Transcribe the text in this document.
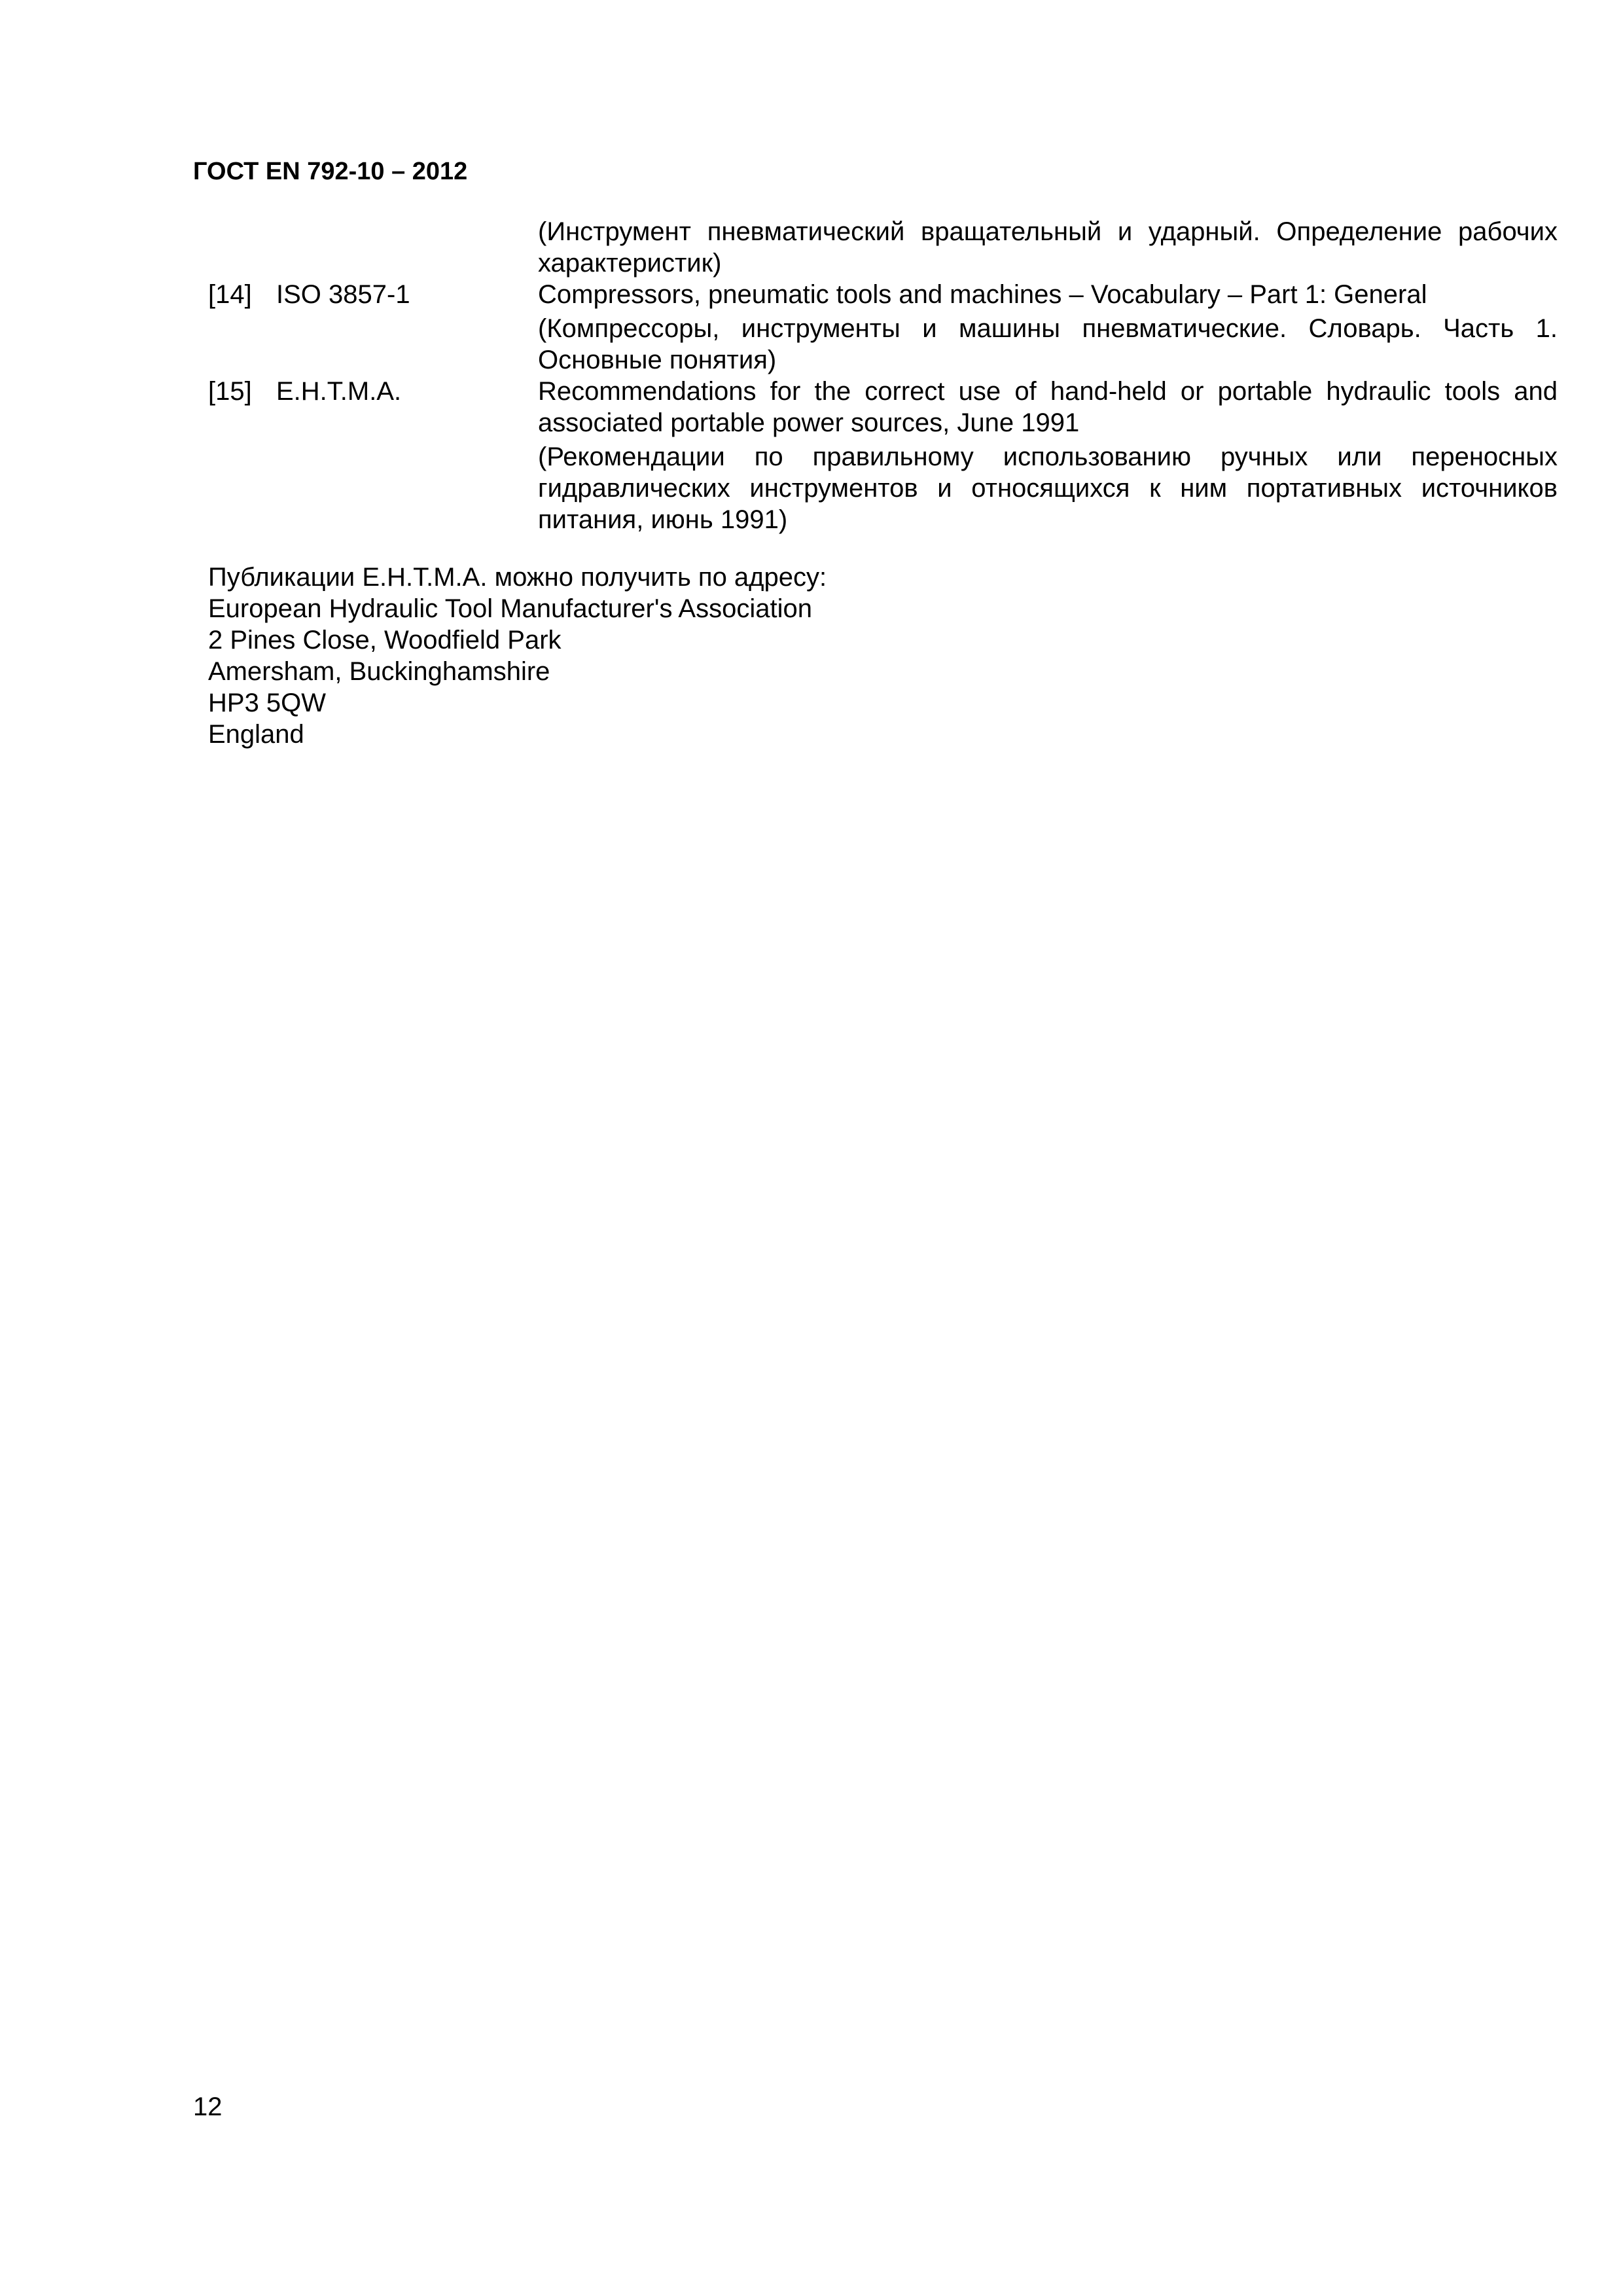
ГОСТ EN 792-10 – 2012

(Инструмент пневматический вращательный и ударный. Определение рабочих характеристик)

[14] ISO 3857-1	Compressors, pneumatic tools and machines – Vocabulary – Part 1: General

(Компрессоры, инструменты и машины пневматические. Словарь. Часть 1. Основные понятия)

[15] E.H.T.M.A.	Recommendations for the correct use of hand-held or portable hydraulic tools and associated portable power sources, June 1991

(Рекомендации по правильному использованию ручных или переносных гидравлических инструментов и относящихся к ним портативных источников питания, июнь 1991)

Публикации E.H.T.M.A. можно получить по адресу:
European Hydraulic Tool Manufacturer's Association
2 Pines Close, Woodfield Park
Amersham, Buckinghamshire
HP3 5QW
England
12
